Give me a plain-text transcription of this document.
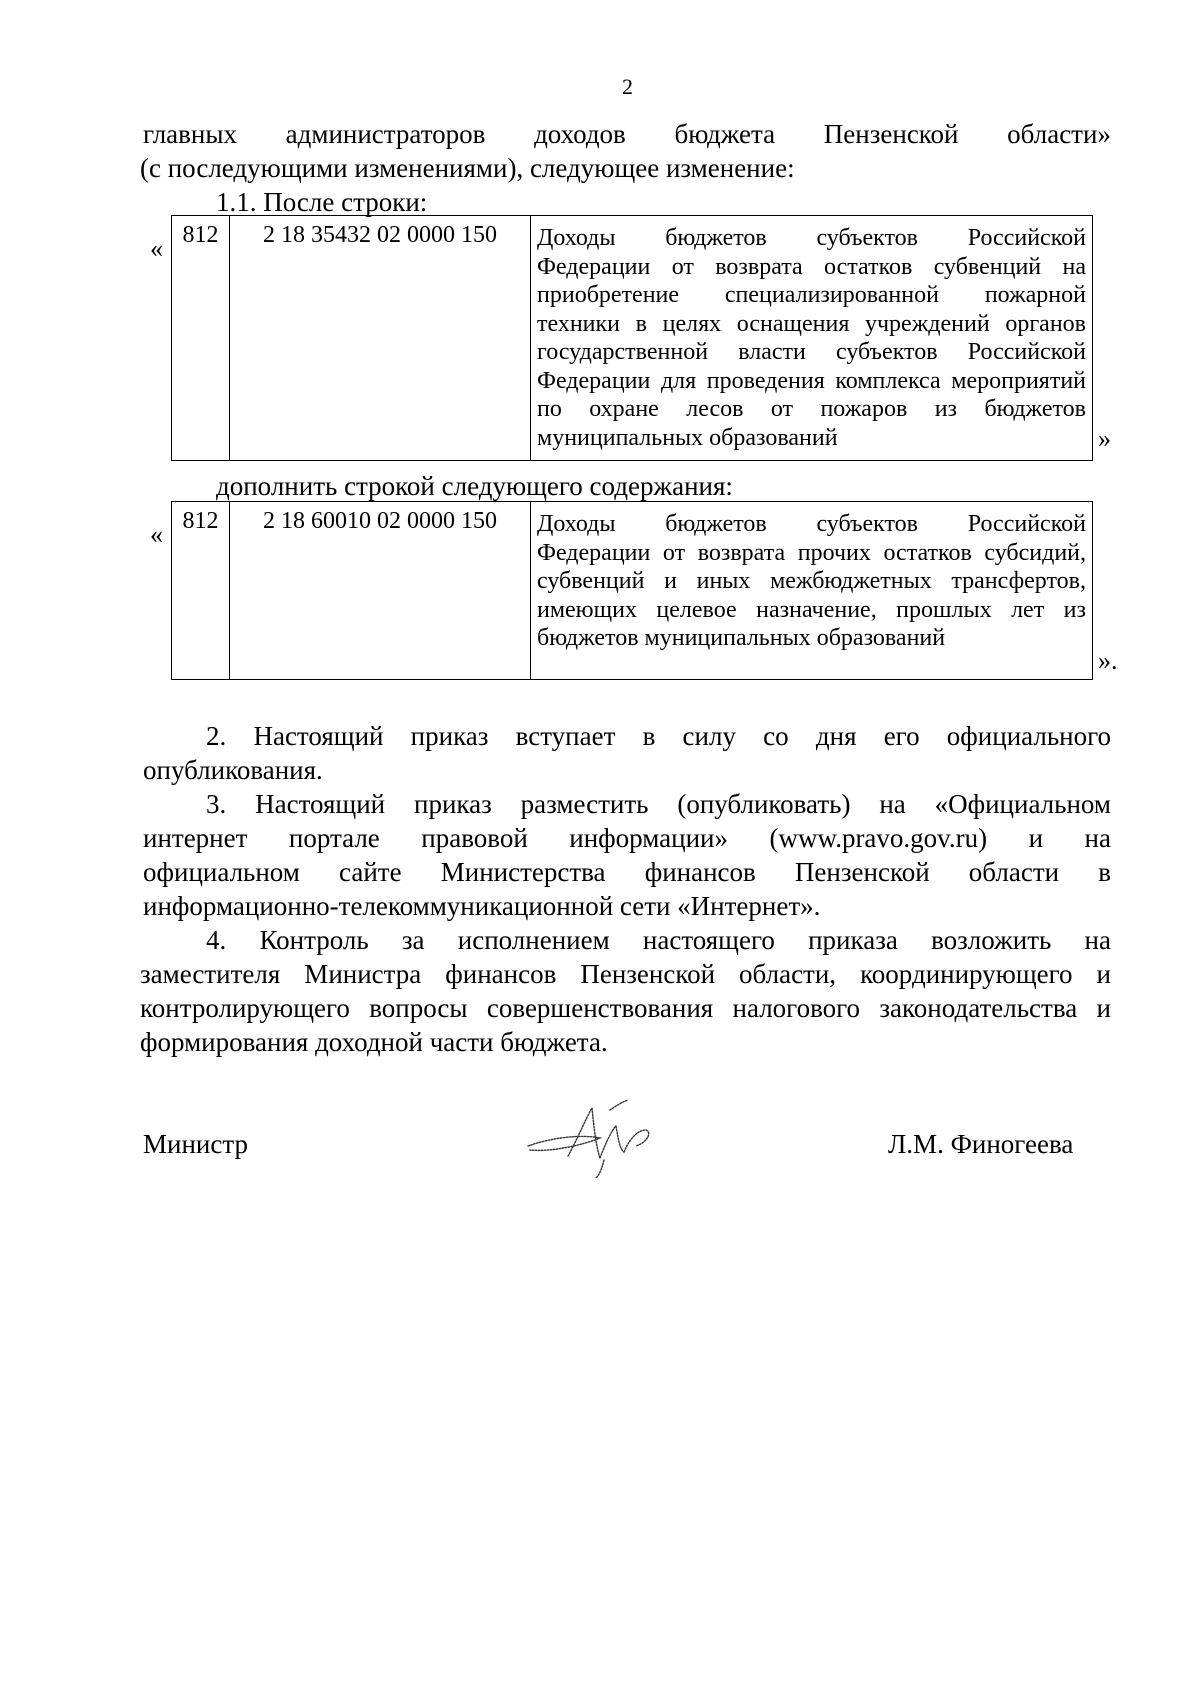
2
главных администраторов доходов бюджета Пензенской области»
(с последующими изменениями), следующее изменение:
1.1. После строки:
« 812	2 18 35432 02 0000 150	Доходы бюджетов субъектов Российской
Федерации от возврата остатков субвенций на
приобретение специализированной пожарной
техники в целях оснащения учреждений органов
государственной власти субъектов Российской
Федерации для проведения комплекса мероприятий
по охране лесов от пожаров из бюджетов
муниципальных образований	»
дополнить строкой следующего содержания:
« 812	2 18 60010 02 0000 150	Доходы бюджетов субъектов Российской
Федерации от возврата прочих остатков субсидий,
субвенций и иных межбюджетных трансфертов,
имеющих целевое назначение, прошлых лет из
бюджетов муниципальных образований
».
2. Настоящий приказ вступает в силу со дня его официального
опубликования.
3. Настоящий приказ разместить (опубликовать) на «Официальном
интернет портале правовой информации» (www.pravo.gov.ru) и на
официальном сайте Министерства финансов Пензенской области в
информационно-телекоммуникационной сети «Интернет».
4. Контроль за исполнением настоящего приказа возложить на
заместителя Министра финансов Пензенской области, координирующего и
контролирующего вопросы совершенствования налогового законодательства и
формирования доходной части бюджета.
Министр	Л.М. Финогеева
